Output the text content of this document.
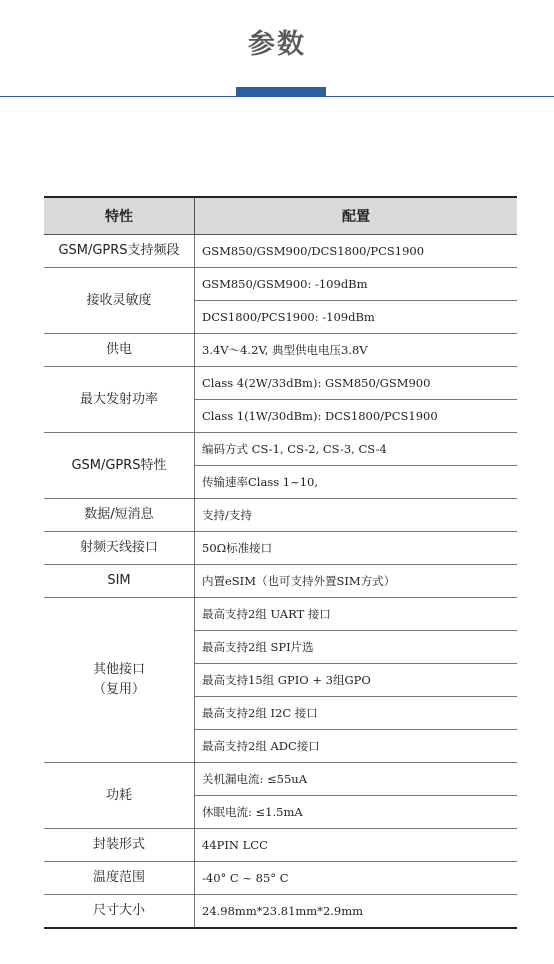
参数
特性	配置

GSM/GPRS支持频段	GSM850/GSM900/DCS1800/PCS1900

接收灵敏度	GSM850/GSM900: -109dBm
	DCS1800/PCS1900: -109dBm

供电	3.4V～4.2V, 典型供电电压3.8V

最大发射功率	Class 4(2W/33dBm): GSM850/GSM900
	Class 1(1W/30dBm): DCS1800/PCS1900

GSM/GPRS特性	编码方式 CS-1, CS-2, CS-3, CS-4
	传输速率Class 1~10,

数据/短消息	支持/支持

射频天线接口	50Ω标准接口

SIM	内置eSIM（也可支持外置SIM方式）

其他接口
（复用）	最高支持2组 UART 接口
	最高支持2组 SPI片选
	最高支持15组 GPIO + 3组GPO
	最高支持2组 I2C 接口
	最高支持2组 ADC接口

功耗	关机漏电流: ≤55uA
	休眠电流: ≤1.5mA

封装形式	44PIN LCC

温度范围	-40° C ~ 85° C

尺寸大小	24.98mm*23.81mm*2.9mm
